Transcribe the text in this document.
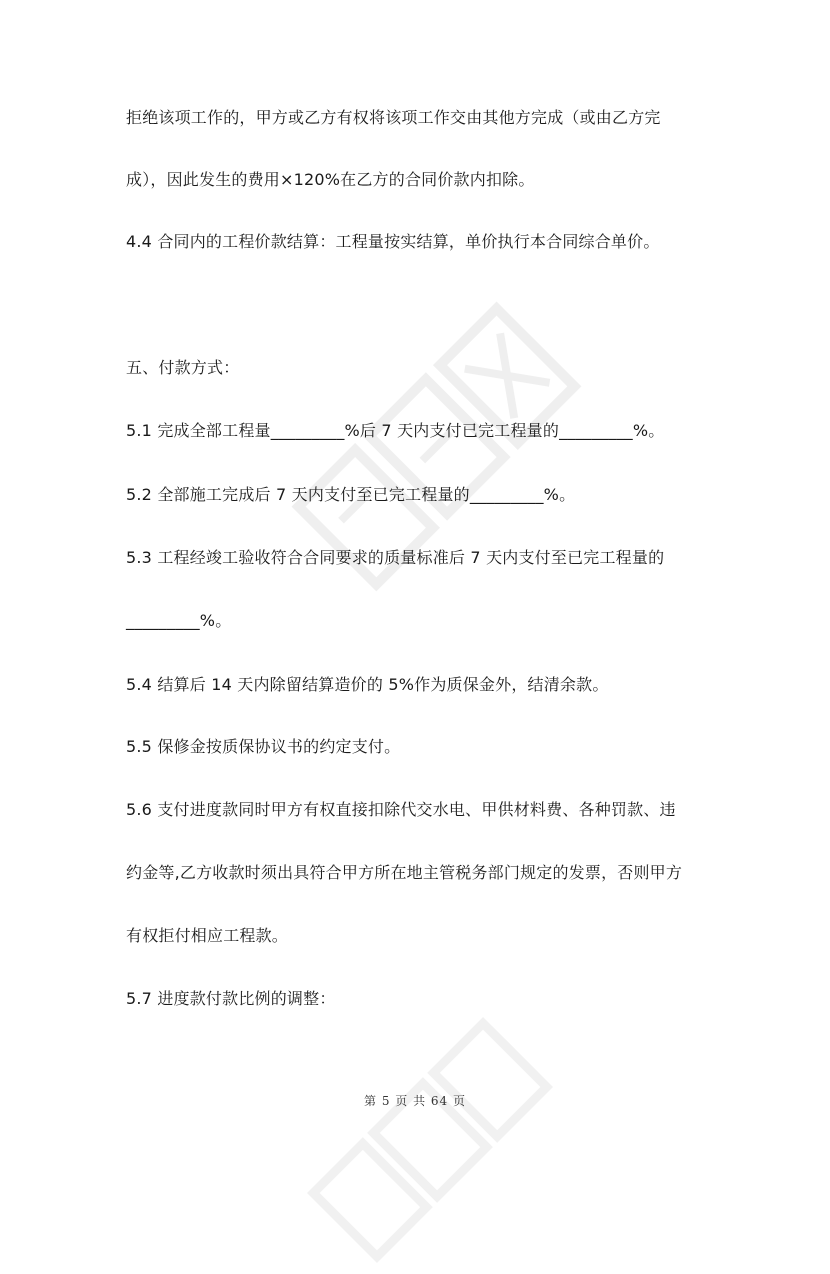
拒绝该项工作的，甲方或乙方有权将该项工作交由其他方完成（或由乙方完
成），因此发生的费用×120%在乙方的合同价款内扣除。
4.4 合同内的工程价款结算：工程量按实结算，单价执行本合同综合单价。
五、付款方式：
5.1 完成全部工程量_________%后 7 天内支付已完工程量的_________%。
5.2 全部施工完成后 7 天内支付至已完工程量的_________%。
5.3 工程经竣工验收符合合同要求的质量标准后 7 天内支付至已完工程量的
_________%。
5.4 结算后 14 天内除留结算造价的 5%作为质保金外，结清余款。
5.5 保修金按质保协议书的约定支付。
5.6 支付进度款同时甲方有权直接扣除代交水电、甲供材料费、各种罚款、违
约金等,乙方收款时须出具符合甲方所在地主管税务部门规定的发票，否则甲方
有权拒付相应工程款。
5.7 进度款付款比例的调整：
第 5 页 共 64 页
